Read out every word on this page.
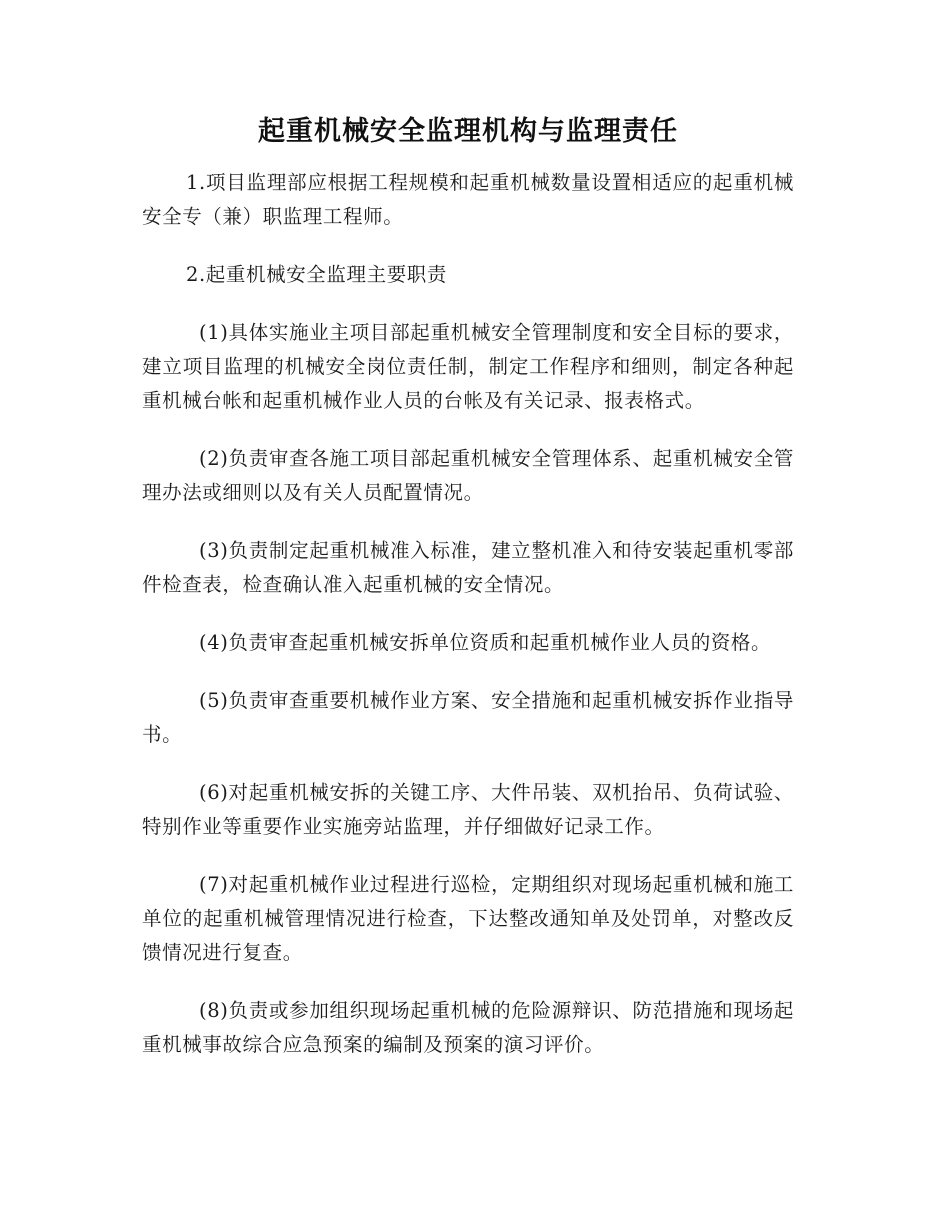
起重机械安全监理机构与监理责任

1.项目监理部应根据工程规模和起重机械数量设置相适应的起重机械安全专（兼）职监理工程师。

2.起重机械安全监理主要职责

(1)具体实施业主项目部起重机械安全管理制度和安全目标的要求，建立项目监理的机械安全岗位责任制，制定工作程序和细则，制定各种起重机械台帐和起重机械作业人员的台帐及有关记录、报表格式。

(2)负责审查各施工项目部起重机械安全管理体系、起重机械安全管理办法或细则以及有关人员配置情况。

(3)负责制定起重机械准入标准，建立整机准入和待安装起重机零部件检查表，检查确认准入起重机械的安全情况。

(4)负责审查起重机械安拆单位资质和起重机械作业人员的资格。

(5)负责审查重要机械作业方案、安全措施和起重机械安拆作业指导书。

(6)对起重机械安拆的关键工序、大件吊装、双机抬吊、负荷试验、特别作业等重要作业实施旁站监理，并仔细做好记录工作。

(7)对起重机械作业过程进行巡检，定期组织对现场起重机械和施工单位的起重机械管理情况进行检查，下达整改通知单及处罚单，对整改反馈情况进行复查。

(8)负责或参加组织现场起重机械的危险源辩识、防范措施和现场起重机械事故综合应急预案的编制及预案的演习评价。
